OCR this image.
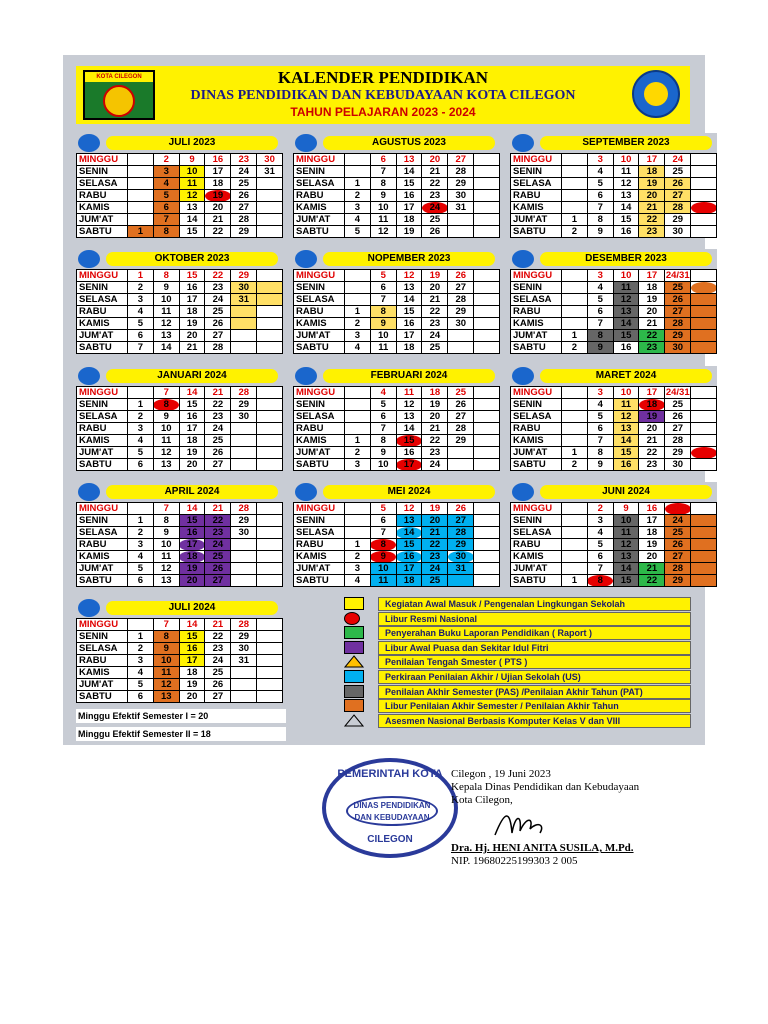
KALENDER PENDIDIKAN
DINAS PENDIDIKAN DAN KEBUDAYAAN KOTA CILEGON
TAHUN PELAJARAN 2023 - 2024
KOTA CILEGON
JULI 2023
MINGGU		2	9	16	23	30
SENIN		3	10	17	24	31
SELASA		4	11	18	25	
RABU		5	12	19	26	
KAMIS		6	13	20	27	
JUM'AT		7	14	21	28	
SABTU	1	8	15	22	29	
AGUSTUS 2023
MINGGU		6	13	20	27	
SENIN		7	14	21	28	
SELASA	1	8	15	22	29	
RABU	2	9	16	23	30	
KAMIS	3	10	17	24	31	
JUM'AT	4	11	18	25		
SABTU	5	12	19	26		
SEPTEMBER 2023
MINGGU		3	10	17	24	
SENIN		4	11	18	25	
SELASA		5	12	19	26	
RABU		6	13	20	27	
KAMIS		7	14	21	28	
JUM'AT	1	8	15	22	29	
SABTU	2	9	16	23	30	
OKTOBER 2023
MINGGU	1	8	15	22	29	
SENIN	2	9	16	23	30	
SELASA	3	10	17	24	31	
RABU	4	11	18	25		
KAMIS	5	12	19	26		
JUM'AT	6	13	20	27		
SABTU	7	14	21	28		
NOPEMBER 2023
MINGGU		5	12	19	26	
SENIN		6	13	20	27	
SELASA		7	14	21	28	
RABU	1	8	15	22	29	
KAMIS	2	9	16	23	30	
JUM'AT	3	10	17	24		
SABTU	4	11	18	25		
DESEMBER 2023
MINGGU		3	10	17	24/31	
SENIN		4	11	18	25	
SELASA		5	12	19	26	
RABU		6	13	20	27	
KAMIS		7	14	21	28	
JUM'AT	1	8	15	22	29	
SABTU	2	9	16	23	30	
JANUARI 2024
MINGGU		7	14	21	28	
SENIN	1	8	15	22	29	
SELASA	2	9	16	23	30	
RABU	3	10	17	24		
KAMIS	4	11	18	25		
JUM'AT	5	12	19	26		
SABTU	6	13	20	27		
FEBRUARI 2024
MINGGU		4	11	18	25	
SENIN		5	12	19	26	
SELASA		6	13	20	27	
RABU		7	14	21	28	
KAMIS	1	8	15	22	29	
JUM'AT	2	9	16	23		
SABTU	3	10	17	24		
MARET 2024
MINGGU		3	10	17	24/31	
SENIN		4	11	18	25	
SELASA		5	12	19	26	
RABU		6	13	20	27	
KAMIS		7	14	21	28	
JUM'AT	1	8	15	22	29	
SABTU	2	9	16	23	30	
APRIL 2024
MINGGU		7	14	21	28	
SENIN	1	8	15	22	29	
SELASA	2	9	16	23	30	
RABU	3	10	17	24		
KAMIS	4	11	18	25		
JUM'AT	5	12	19	26		
SABTU	6	13	20	27		
MEI 2024
MINGGU		5	12	19	26	
SENIN		6	13	20	27	
SELASA		7	14	21	28	
RABU	1	8	15	22	29	
KAMIS	2	9	16	23	30	
JUM'AT	3	10	17	24	31	
SABTU	4	11	18	25		
JUNI 2024
MINGGU		2	9	16	23/30	
SENIN		3	10	17	24	
SELASA		4	11	18	25	
RABU		5	12	19	26	
KAMIS		6	13	20	27	
JUM'AT		7	14	21	28	
SABTU	1	8	15	22	29	
JULI 2024
MINGGU		7	14	21	28	
SENIN	1	8	15	22	29	
SELASA	2	9	16	23	30	
RABU	3	10	17	24	31	
KAMIS	4	11	18	25		
JUM'AT	5	12	19	26		
SABTU	6	13	20	27		
Kegiatan Awal Masuk / Pengenalan Lingkungan Sekolah
Libur Resmi Nasional
Penyerahan Buku Laporan Pendidikan ( Raport )
Libur Awal Puasa dan Sekitar Idul Fitri
Penilaian Tengah Smester ( PTS )
Perkiraan Penilaian Akhir / Ujian Sekolah (US)
Penilaian Akhir Semester (PAS) /Penilaian Akhir Tahun (PAT)
Libur Penilaian Akhir Semester / Penilaian Akhir Tahun
Asesmen Nasional Berbasis Komputer Kelas V dan VIII
Minggu Efektif Semester I = 20
Minggu Efektif Semester II = 18
PEMERINTAH KOTA
DINAS PENDIDIKAN DAN KEBUDAYAAN
CILEGON
Cilegon , 19 Juni 2023
Kepala Dinas Pendidikan dan Kebudayaan
Kota Cilegon,
Dra. Hj. HENI ANITA SUSILA, M.Pd.
NIP. 19680225199303 2 005
